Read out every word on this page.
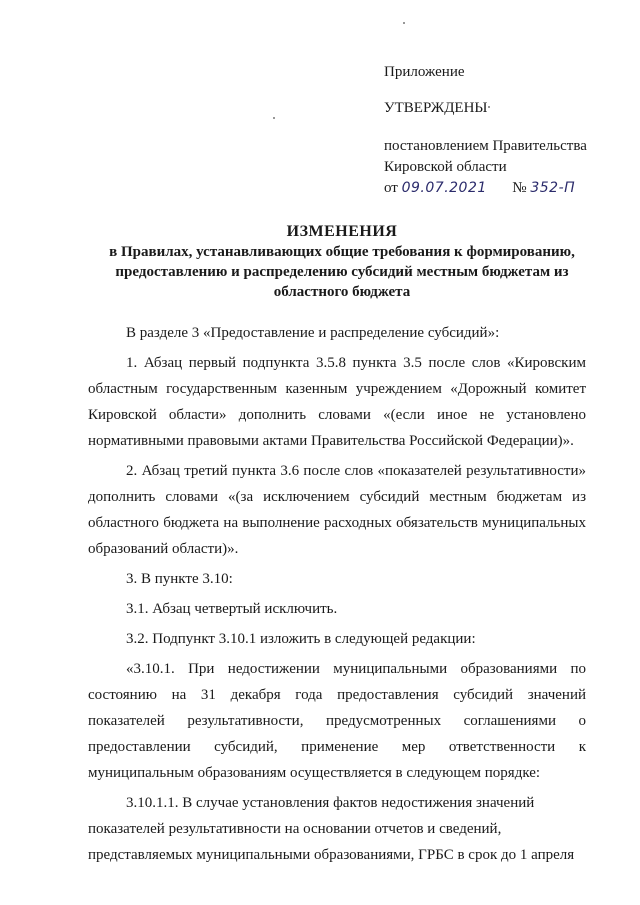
Приложение
УТВЕРЖДЕНЫ
постановлением Правительства
Кировской области
от 09.07.2021 № 352-П
ИЗМЕНЕНИЯ
в Правилах, устанавливающих общие требования к формированию, предоставлению и распределению субсидий местным бюджетам из областного бюджета

В разделе 3 «Предоставление и распределение субсидий»:

1. Абзац первый подпункта 3.5.8 пункта 3.5 после слов «Кировским областным государственным казенным учреждением «Дорожный комитет Кировской области» дополнить словами «(если иное не установлено нормативными правовыми актами Правительства Российской Федерации)».

2. Абзац третий пункта 3.6 после слов «показателей результативности» дополнить словами «(за исключением субсидий местным бюджетам из областного бюджета на выполнение расходных обязательств муниципальных образований области)».

3. В пункте 3.10:

3.1. Абзац четвертый исключить.

3.2. Подпункт 3.10.1 изложить в следующей редакции:

«3.10.1. При недостижении муниципальными образованиями по состоянию на 31 декабря года предоставления субсидий значений показателей результативности, предусмотренных соглашениями о предоставлении субсидий, применение мер ответственности к муниципальным образованиям осуществляется в следующем порядке:

3.10.1.1. В случае установления фактов недостижения значений показателей результативности на основании отчетов и сведений, представляемых муниципальными образованиями, ГРБС в срок до 1 апреля
